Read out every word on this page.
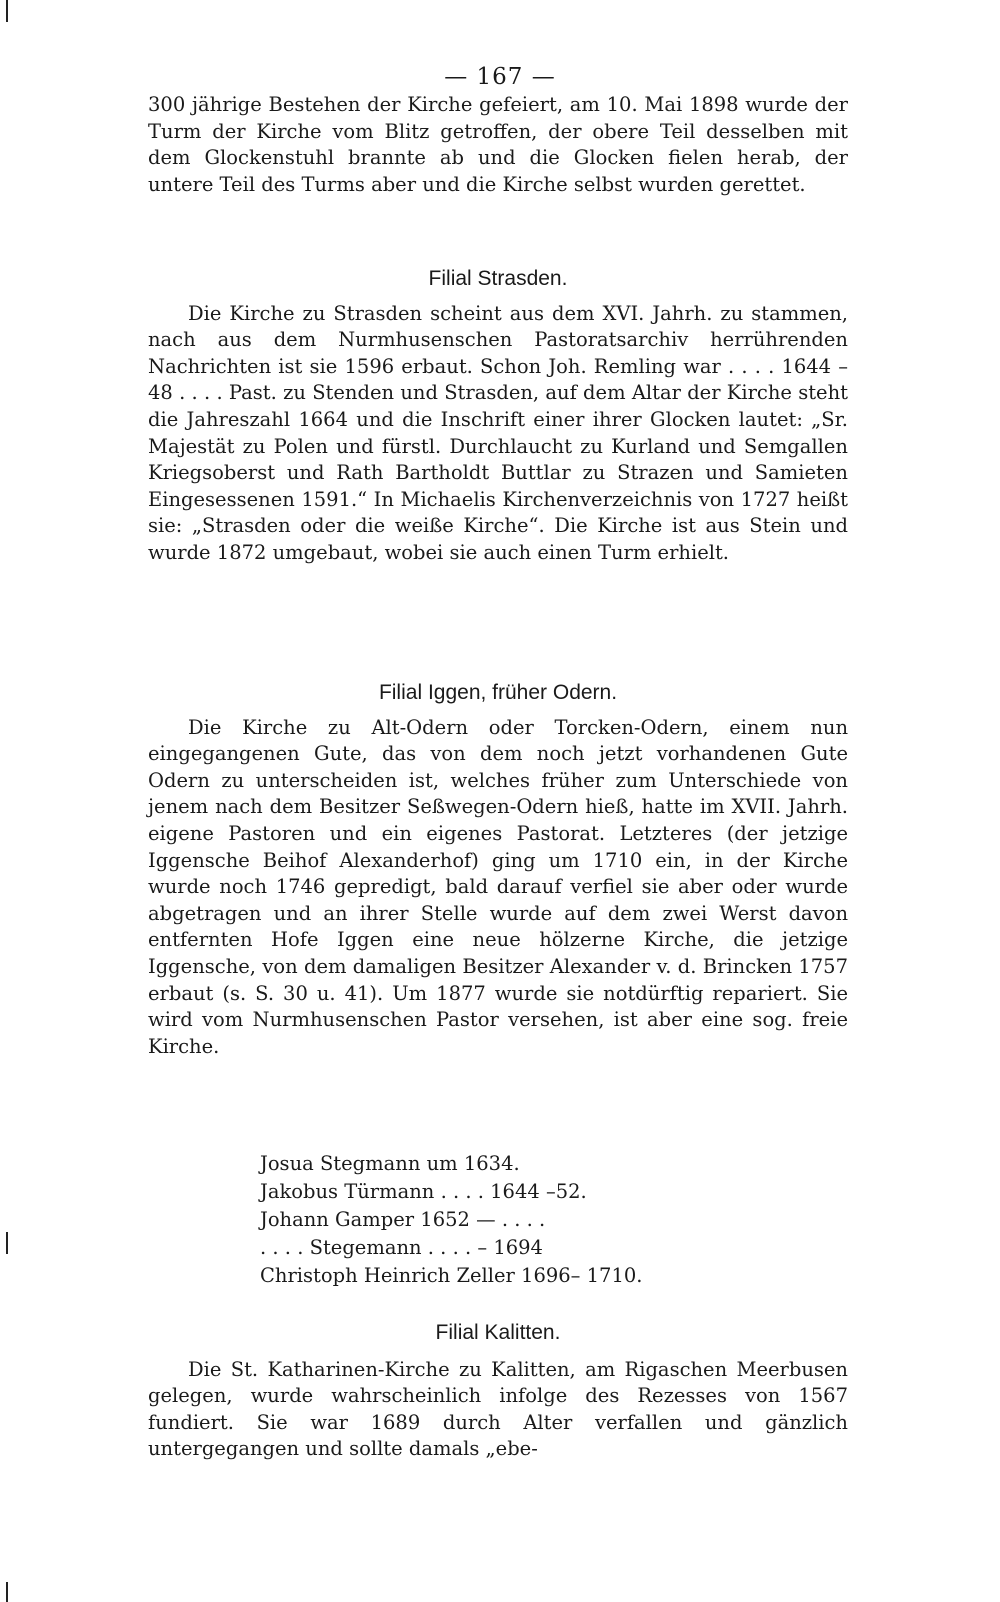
— 167 —

300 jährige Bestehen der Kirche gefeiert, am 10. Mai 1898 wurde der Turm der Kirche vom Blitz getroffen, der obere Teil desselben mit dem Glockenstuhl brannte ab und die Glocken fielen herab, der untere Teil des Turms aber und die Kirche selbst wurden gerettet.

Filial Strasden.

Die Kirche zu Strasden scheint aus dem XVI. Jahrh. zu stammen, nach aus dem Nurmhusenschen Pastoratsarchiv herrührenden Nachrichten ist sie 1596 erbaut. Schon Joh. Remling war . . . . 1644 –48 . . . . Past. zu Stenden und Strasden, auf dem Altar der Kirche steht die Jahreszahl 1664 und die Inschrift einer ihrer Glocken lautet: „Sr. Majestät zu Polen und fürstl. Durchlaucht zu Kurland und Semgallen Kriegsoberst und Rath Bartholdt Buttlar zu Strazen und Samieten Eingesessenen 1591.“ In Michaelis Kirchenverzeichnis von 1727 heißt sie: „Strasden oder die weiße Kirche“. Die Kirche ist aus Stein und wurde 1872 umgebaut, wobei sie auch einen Turm erhielt.

Filial Iggen, früher Odern.

Die Kirche zu Alt-Odern oder Torcken-Odern, einem nun eingegangenen Gute, das von dem noch jetzt vorhandenen Gute Odern zu unterscheiden ist, welches früher zum Unterschiede von jenem nach dem Besitzer Seßwegen-Odern hieß, hatte im XVII. Jahrh. eigene Pastoren und ein eigenes Pastorat. Letzteres (der jetzige Iggensche Beihof Alexanderhof) ging um 1710 ein, in der Kirche wurde noch 1746 gepredigt, bald darauf verfiel sie aber oder wurde abgetragen und an ihrer Stelle wurde auf dem zwei Werst davon entfernten Hofe Iggen eine neue hölzerne Kirche, die jetzige Iggensche, von dem damaligen Besitzer Alexander v. d. Brincken 1757 erbaut (s. S. 30 u. 41). Um 1877 wurde sie notdürftig repariert. Sie wird vom Nurmhusenschen Pastor versehen, ist aber eine sog. freie Kirche.

Josua Stegmann um 1634.
Jakobus Türmann . . . . 1644 –52.
Johann Gamper 1652 — . . . .
. . . . Stegemann . . . . – 1694
Christoph Heinrich Zeller 1696– 1710.
Filial Kalitten.

Die St. Katharinen-Kirche zu Kalitten, am Rigaschen Meerbusen gelegen, wurde wahrscheinlich infolge des Rezesses von 1567 fundiert. Sie war 1689 durch Alter verfallen und gänzlich untergegangen und sollte damals „ebe-
